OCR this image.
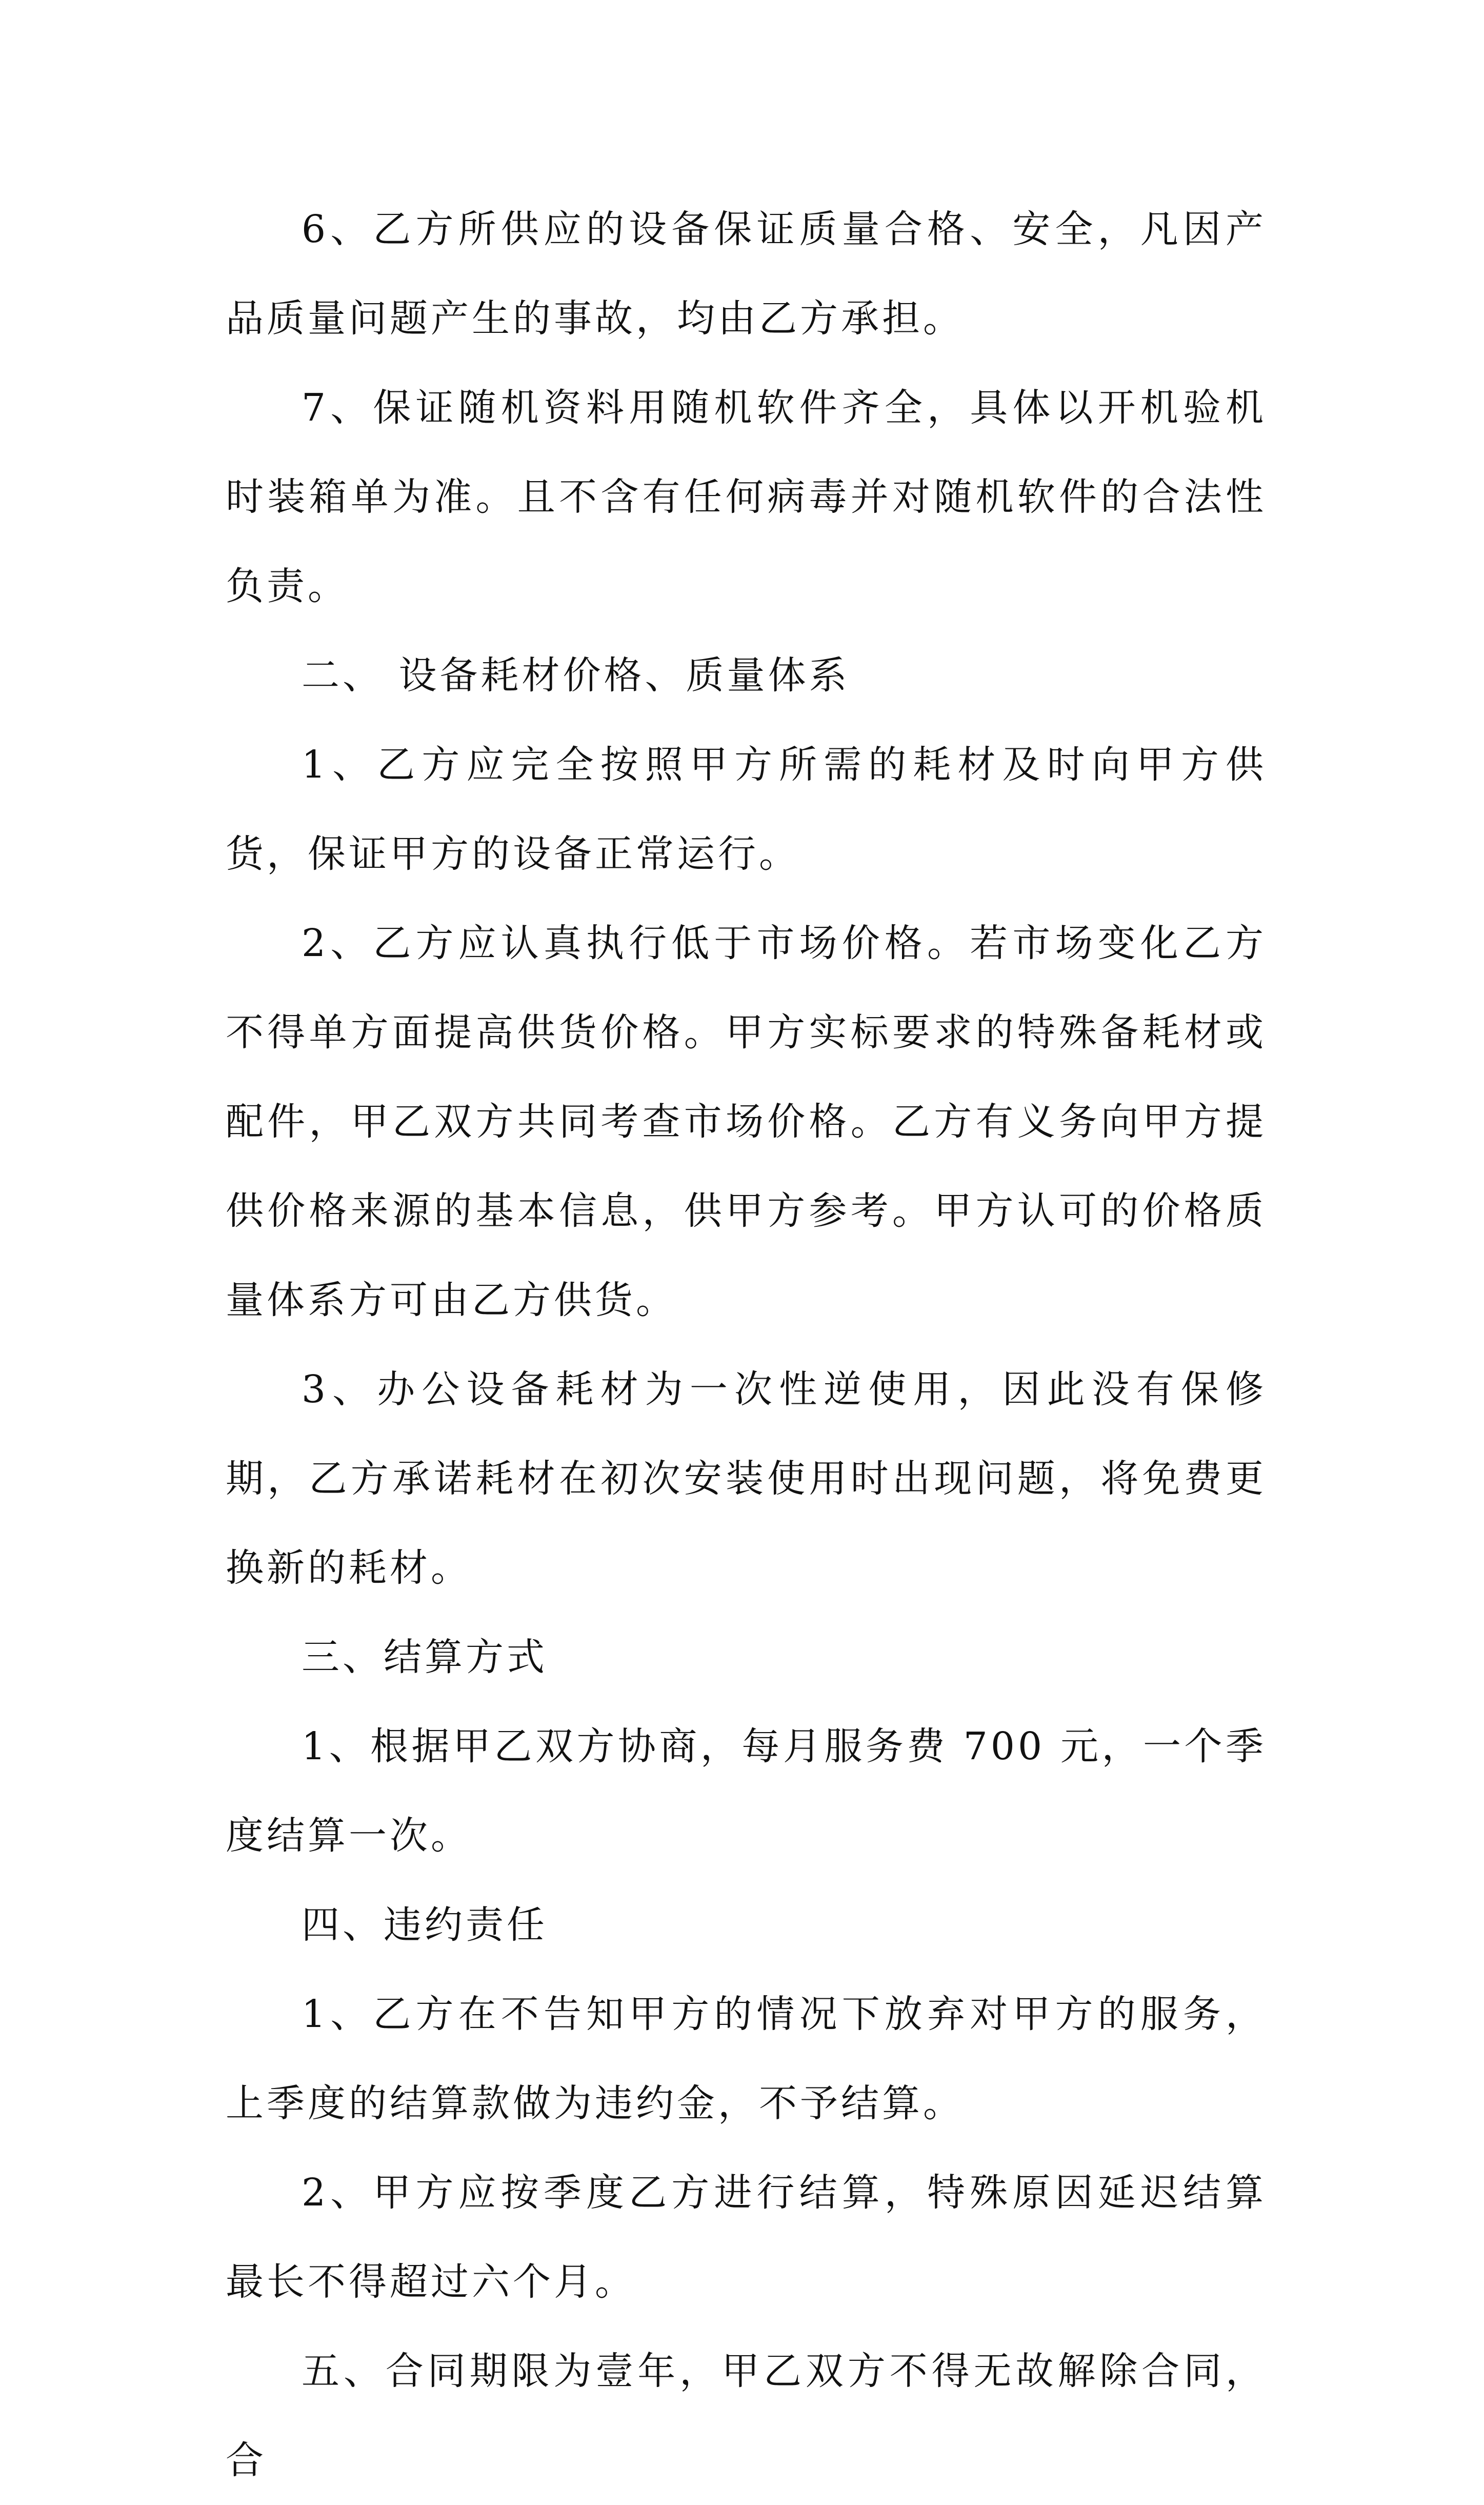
6、乙方所供应的设备保证质量合格、安全，凡因产品质量问题产生的事故，均由乙方承担。

7、保证随机资料用随机软件齐全，具体以开机验机时装箱单为准。且不含有任何病毒并对随机软件的合法性负责。

二、 设备耗材价格、质量体系

1、乙方应完全按照甲方所需的耗材及时向甲方供货，保证甲方的设备正常运行。

2、乙方应认真执行低于市场价格。若市场变化乙方不得单方面提高供货价格。甲方实标要求的特殊备耗材或配件，甲乙双方共同考查市场价格。乙方有义务向甲方提供价格来源的基本信息，供甲方参考。甲方认可的价格质量体系方可由乙方供货。

3、办公设备耗材为一次性逆使用，因此没有保修期，乙方承诺耗材在初次安装使用时出现问题，将免费更换新的耗材。

三、结算方式

1、根据甲乙双方协商，每月服务费 700 元，一个季度结算一次。

四、违约责任

1、乙方在不告知甲方的情况下放弃对甲方的服务，上季度的结算款做为违约金，不予结算。

2、甲方应按季度乙方进行结算，特殊原因延迟结算最长不得超过六个月。

五、合同期限为壹年，甲乙双方不得无故解除合同，合
